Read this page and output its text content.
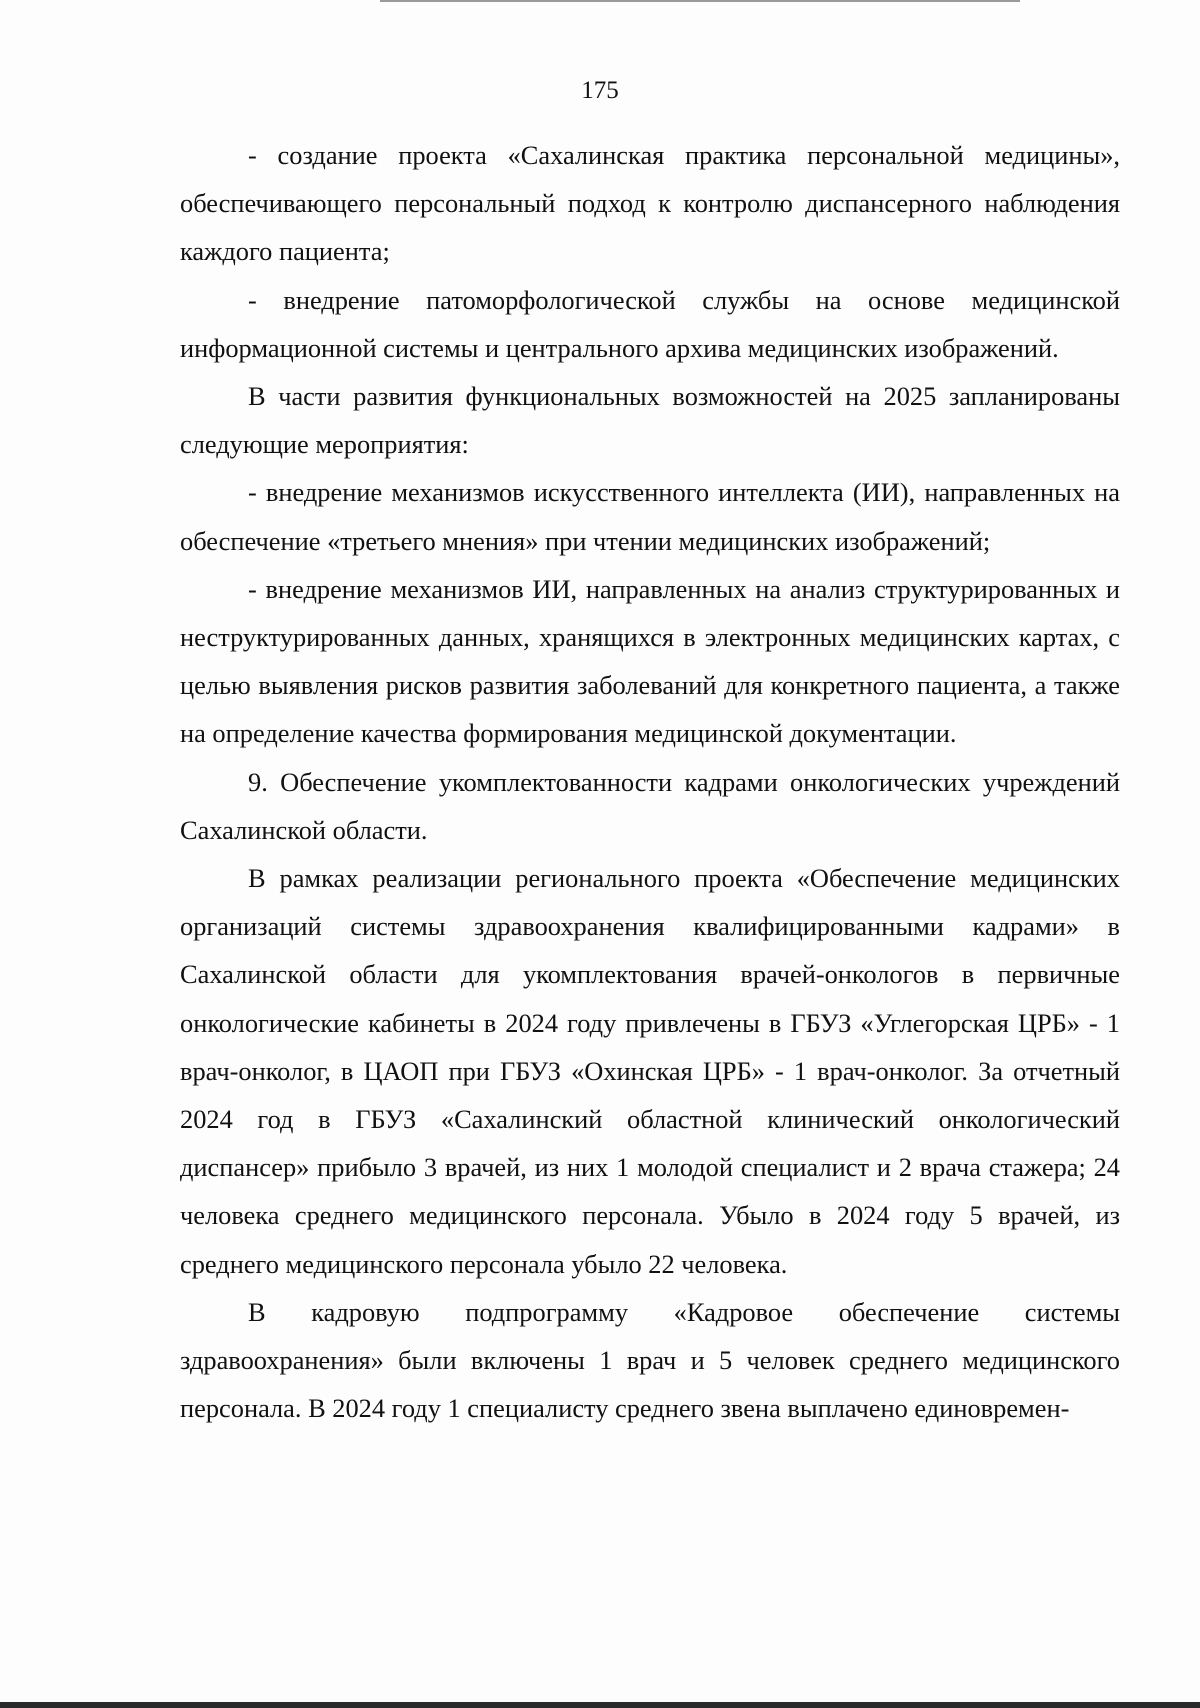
175

- создание проекта «Сахалинская практика персональной медицины», обеспечивающего персональный подход к контролю диспансерного наблюдения каждого пациента;

- внедрение патоморфологической службы на основе медицинской информационной системы и центрального архива медицинских изображений.

В части развития функциональных возможностей на 2025 запланированы следующие мероприятия:

- внедрение механизмов искусственного интеллекта (ИИ), направленных на обеспечение «третьего мнения» при чтении медицинских изображений;

- внедрение механизмов ИИ, направленных на анализ структурированных и неструктурированных данных, хранящихся в электронных медицинских картах, с целью выявления рисков развития заболеваний для конкретного пациента, а также на определение качества формирования медицинской документации.

9. Обеспечение укомплектованности кадрами онкологических учреждений Сахалинской области.

В рамках реализации регионального проекта «Обеспечение медицинских организаций системы здравоохранения квалифицированными кадрами» в Сахалинской области для укомплектования врачей-онкологов в первичные онкологические кабинеты в 2024 году привлечены в ГБУЗ «Углегорская ЦРБ» - 1 врач-онколог, в ЦАОП при ГБУЗ «Охинская ЦРБ» - 1 врач-онколог. За отчетный 2024 год в ГБУЗ «Сахалинский областной клинический онкологический диспансер» прибыло 3 врачей, из них 1 молодой специалист и 2 врача стажера; 24 человека среднего медицинского персонала. Убыло в 2024 году 5 врачей, из среднего медицинского персонала убыло 22 человека.

В кадровую подпрограмму «Кадровое обеспечение системы здравоохранения» были включены 1 врач и 5 человек среднего медицинского персонала. В 2024 году 1 специалисту среднего звена выплачено единовремен-
